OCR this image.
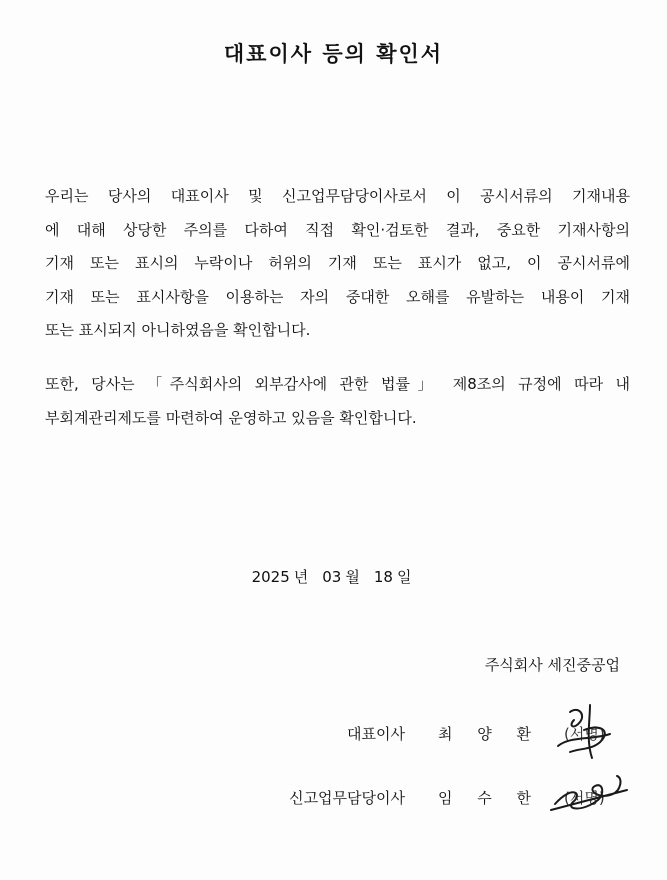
대표이사 등의 확인서
우리는 당사의 대표이사 및 신고업무담당이사로서 이 공시서류의 기재내용
에 대해 상당한 주의를 다하여 직접 확인·검토한 결과, 중요한 기재사항의
기재 또는 표시의 누락이나 허위의 기재 또는 표시가 없고, 이 공시서류에
기재 또는 표시사항을 이용하는 자의 중대한 오해를 유발하는 내용이 기재
또는 표시되지 아니하였음을 확인합니다.
또한, 당사는 「주식회사의 외부감사에 관한 법률」 제8조의 규정에 따라 내
부회계관리제도를 마련하여 운영하고 있음을 확인합니다.
2025 년 03 월 18 일
주식회사 세진중공업
대표이사 최 양 환 (서명)
신고업무담당이사 임 수 한 (서명)
